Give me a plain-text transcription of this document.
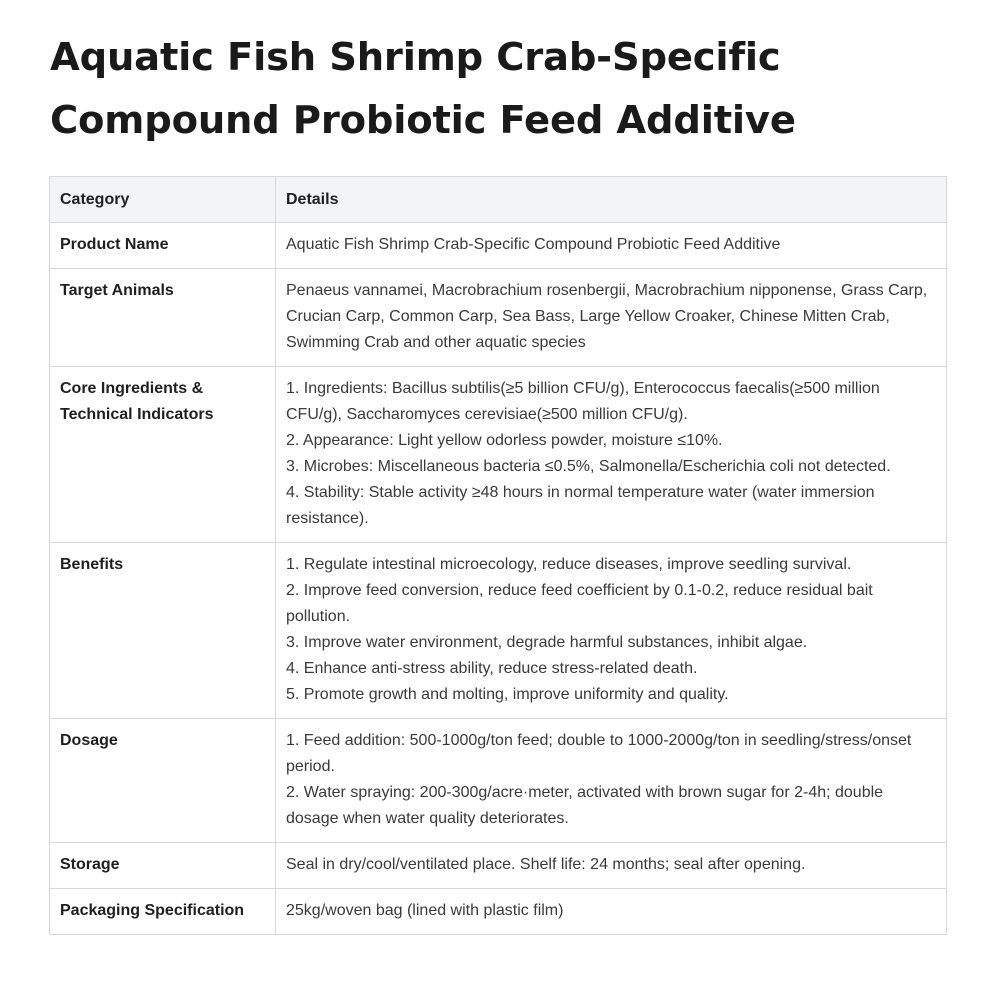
Aquatic Fish Shrimp Crab-Specific Compound Probiotic Feed Additive
Category	Details
Product Name	Aquatic Fish Shrimp Crab-Specific Compound Probiotic Feed Additive

Target Animals	Penaeus vannamei, Macrobrachium rosenbergii, Macrobrachium nipponense, Grass Carp, Crucian Carp, Common Carp, Sea Bass, Large Yellow Croaker, Chinese Mitten Crab, Swimming Crab and other aquatic species

Core Ingredients & Technical Indicators	1. Ingredients: Bacillus subtilis(≥5 billion CFU/g), Enterococcus faecalis(≥500 million CFU/g), Saccharomyces cerevisiae(≥500 million CFU/g).
2. Appearance: Light yellow odorless powder, moisture ≤10%.
3. Microbes: Miscellaneous bacteria ≤0.5%, Salmonella/Escherichia coli not detected.
4. Stability: Stable activity ≥48 hours in normal temperature water (water immersion resistance).

Benefits	1. Regulate intestinal microecology, reduce diseases, improve seedling survival.
2. Improve feed conversion, reduce feed coefficient by 0.1-0.2, reduce residual bait pollution.
3. Improve water environment, degrade harmful substances, inhibit algae.
4. Enhance anti-stress ability, reduce stress-related death.
5. Promote growth and molting, improve uniformity and quality.

Dosage	1. Feed addition: 500-1000g/ton feed; double to 1000-2000g/ton in seedling/stress/onset period.
2. Water spraying: 200-300g/acre·meter, activated with brown sugar for 2-4h; double dosage when water quality deteriorates.

Storage	Seal in dry/cool/ventilated place. Shelf life: 24 months; seal after opening.

Packaging Specification	25kg/woven bag (lined with plastic film)
